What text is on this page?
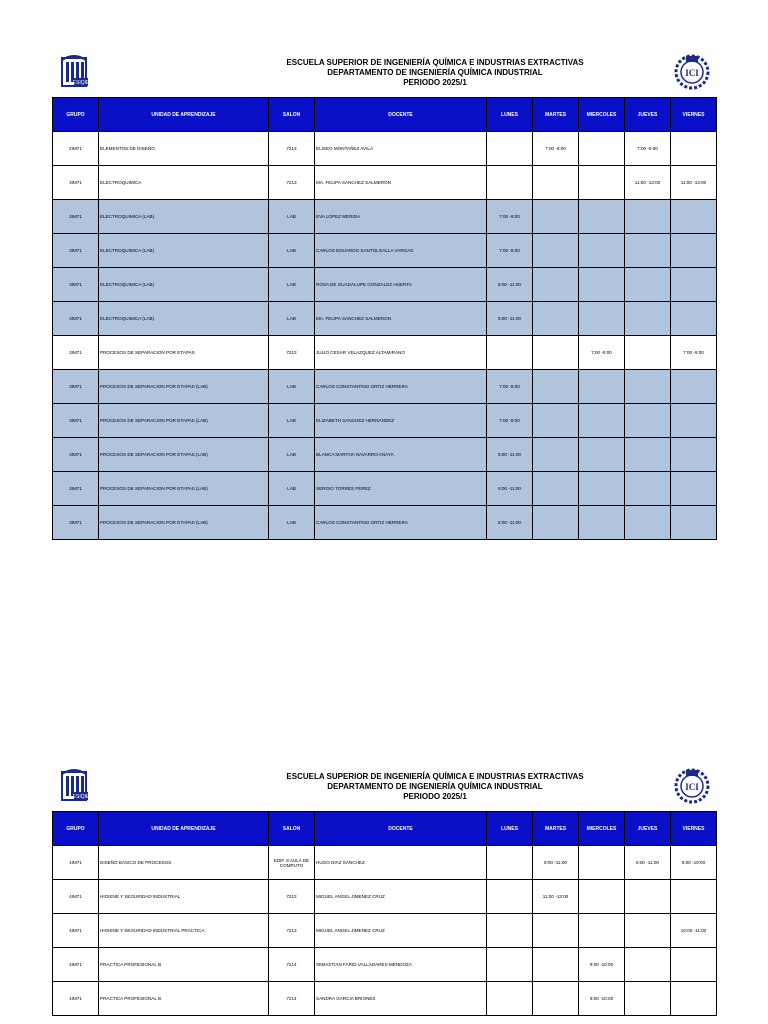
ESIQIE
ESCUELA SUPERIOR DE INGENIERÍA QUÍMICA E INDUSTRIAS EXTRACTIVAS
DEPARTAMENTO DE INGENIERÍA QUÍMICA INDUSTRIAL
PERIODO 2025/1
ICI
GRUPO	UNIDAD DE APRENDIZAJE	SALON	DOCENTE	LUNES	MARTES	MIERCOLES	JUEVES	VIERNES
2IM71	ELEMENTOS DE DISEÑO	7213	ELISEO MONTAÑEZ AVILA		7:00 -9:00		7:00 -9:00	
3IM71	ELECTROQUIMICA	7213	MA. FELIPA SANCHEZ SALMERON				11:00 -13:00	11:00 -13:00
3IM71	ELECTROQUIMICA (LAB)	LAB	EVA LOPEZ MERIDA	7:00 -9:00				
3IM71	ELECTROQUIMICA (LAB)	LAB	CARLOS EDUARDO SANTOLOALLA VARGAS	7:00 -9:00				
3IM71	ELECTROQUIMICA (LAB)	LAB	ROSA DE GUADALUPE GONZALEZ HUERTA	9:00 -11:00				
3IM71	ELECTROQUIMICA (LAB)	LAB	MA. FELIPA SANCHEZ SALMERON	9:00 -11:00				
3IM71	PROCESOS DE SEPARACION POR ETAPAS	7213	JULIO CESAR VELAZQUEZ ALTAMIRANO			7:00 -9:00		7:00 -9:00
3IM71	PROCESOS DE SEPARACION POR ETAPAS (LAB)	LAB	CARLOS CONSTANTINO ORTIZ HERRERA	7:00 -9:00				
3IM71	PROCESOS DE SEPARACION POR ETAPAS (LAB)	LAB	ELIZABETH SANCHEZ HERNANDEZ	7:00 -9:00				
3IM71	PROCESOS DE SEPARACION POR ETAPAS (LAB)	LAB	BLANCA MARTHA NAVARRO ANAYA	9:00 -11:00				
3IM71	PROCESOS DE SEPARACION POR ETAPAS (LAB)	LAB	SERGIO TORRES PEREZ	9:00 -11:00				
3IM71	PROCESOS DE SEPARACION POR ETAPAS (LAB)	LAB	CARLOS CONSTANTINO ORTIZ HERRERA	9:00 -11:00				
ESIQIE
ESCUELA SUPERIOR DE INGENIERÍA QUÍMICA E INDUSTRIAS EXTRACTIVAS
DEPARTAMENTO DE INGENIERÍA QUÍMICA INDUSTRIAL
PERIODO 2025/1
ICI
GRUPO	UNIDAD DE APRENDIZAJE	SALON	DOCENTE	LUNES	MARTES	MIERCOLES	JUEVES	VIERNES
4IM71	DISEÑO BASICO DE PROCESOS	EDIF. 8 AULA DE COMPUTO	HUGO DIAZ SANCHEZ		9:00 -11:00		9:00 -11:00	9:00 -10:00
4IM71	HIGIENE Y SEGURIDAD INDUSTRIAL	7213	MIGUEL ANGEL JIMENEZ CRUZ		11:00 -13:00			
4IM71	HIGIENE Y SEGURIDAD INDUSTRIAL PRACTICA	7213	MIGUEL ANGEL JIMENEZ CRUZ					10:00 -11:00
4IM71	PRACTICA PROFESIONAL B	7214	SEBASTIAN FARID VALLADARES MENDOZA			9:00 -10:00		
4IM71	PRACTICA PROFESIONAL B	7214	SANDRA GARCIA BRIONES			9:00 -10:00		
